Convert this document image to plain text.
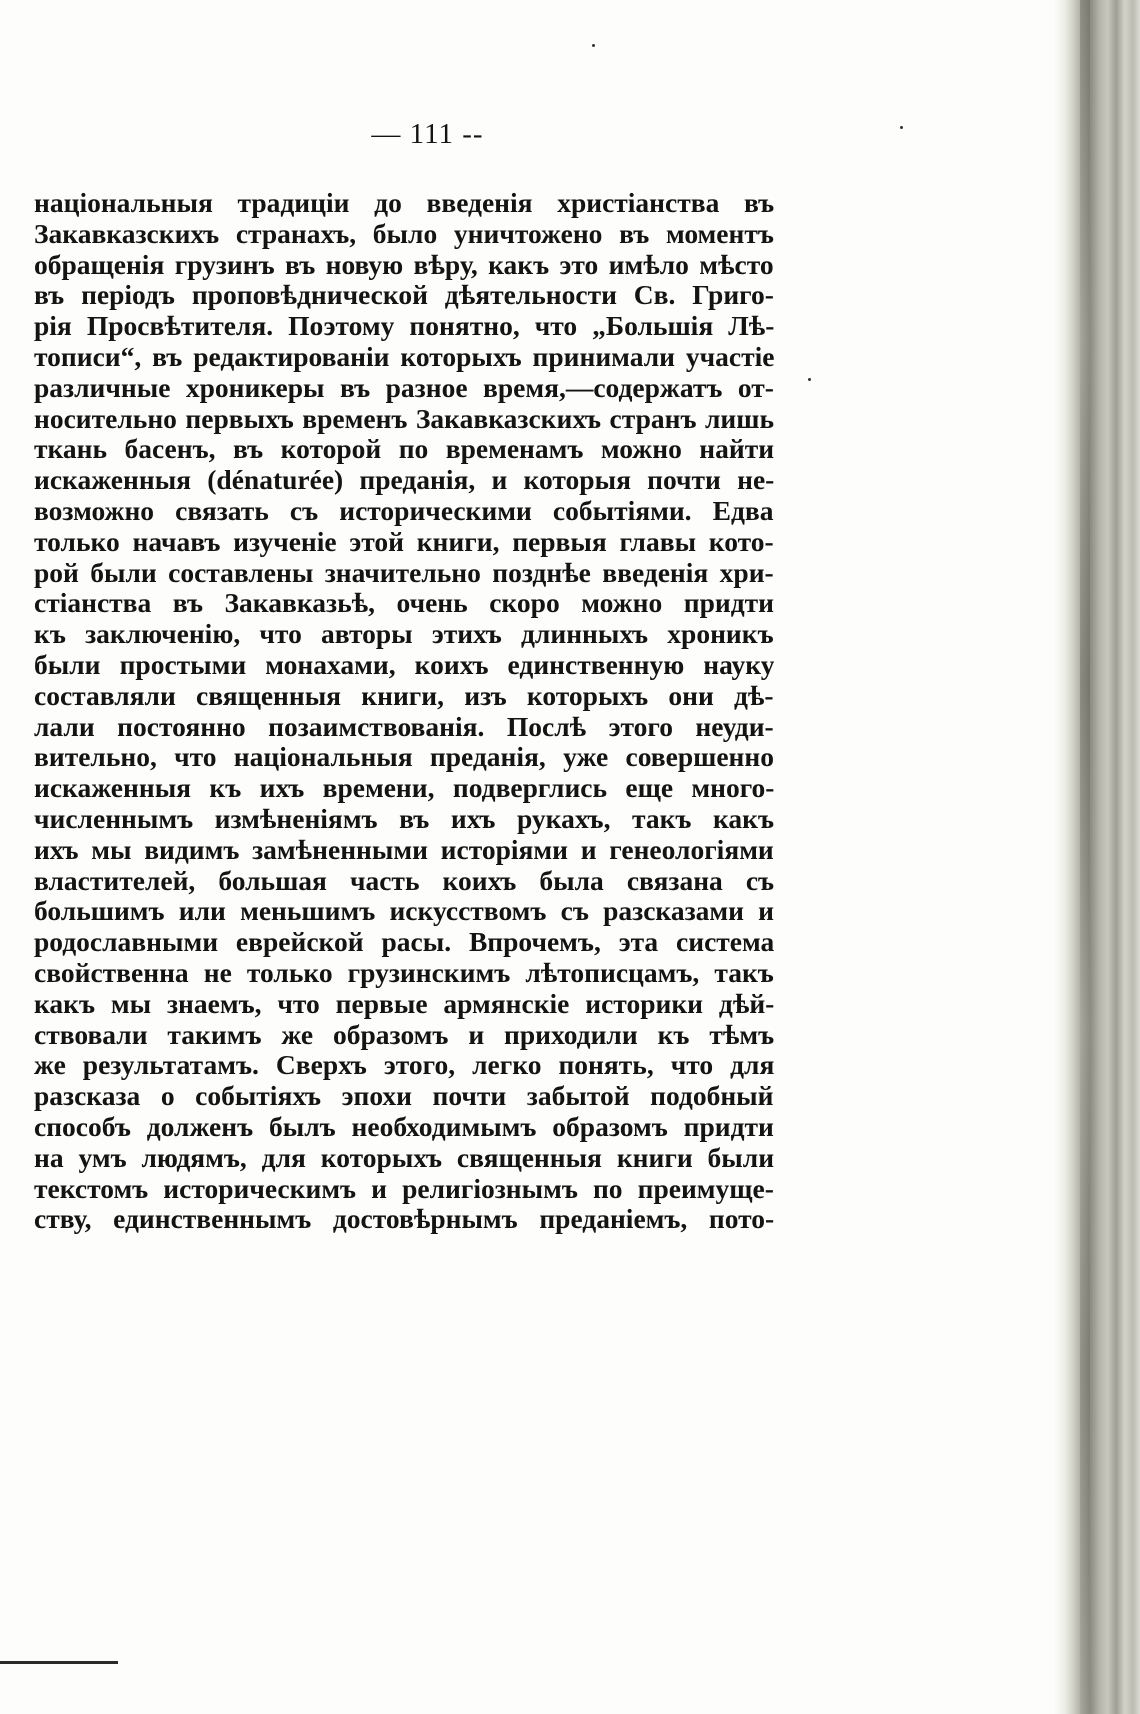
— 111 --
національныя традиціи до введенія христіанства въ
Закавказскихъ странахъ, было уничтожено въ моментъ
обращенія грузинъ въ новую вѣру, какъ это имѣло мѣсто
въ періодъ проповѣднической дѣятельности Св. Григо-
рія Просвѣтителя. Поэтому понятно, что „Большія Лѣ-
тописи“, въ редактированіи которыхъ принимали участіе
различные хроникеры въ разное время,—содержатъ от-
носительно первыхъ временъ Закавказскихъ странъ лишь
ткань басенъ, въ которой по временамъ можно найти
искаженныя (dénaturée) преданія, и которыя почти не-
возможно связать съ историческими событіями. Едва
только начавъ изученіе этой книги, первыя главы кото-
рой были составлены значительно позднѣе введенія хри-
стіанства въ Закавказьѣ, очень скоро можно придти
къ заключенію, что авторы этихъ длинныхъ хроникъ
были простыми монахами, коихъ единственную науку
составляли священныя книги, изъ которыхъ они дѣ-
лали постоянно позаимствованія. Послѣ этого неуди-
вительно, что національныя преданія, уже совершенно
искаженныя къ ихъ времени, подверглись еще много-
численнымъ измѣненіямъ въ ихъ рукахъ, такъ какъ
ихъ мы видимъ замѣненными исторіями и генеологіями
властителей, большая часть коихъ была связана съ
большимъ или меньшимъ искусствомъ съ разсказами и
родославными еврейской расы. Впрочемъ, эта система
свойственна не только грузинскимъ лѣтописцамъ, такъ
какъ мы знаемъ, что первые армянскіе историки дѣй-
ствовали такимъ же образомъ и приходили къ тѣмъ
же результатамъ. Сверхъ этого, легко понять, что для
разсказа о событіяхъ эпохи почти забытой подобный
способъ долженъ былъ необходимымъ образомъ придти
на умъ людямъ, для которыхъ священныя книги были
текстомъ историческимъ и религіознымъ по преимуще-
ству, единственнымъ достовѣрнымъ преданіемъ, пото-
